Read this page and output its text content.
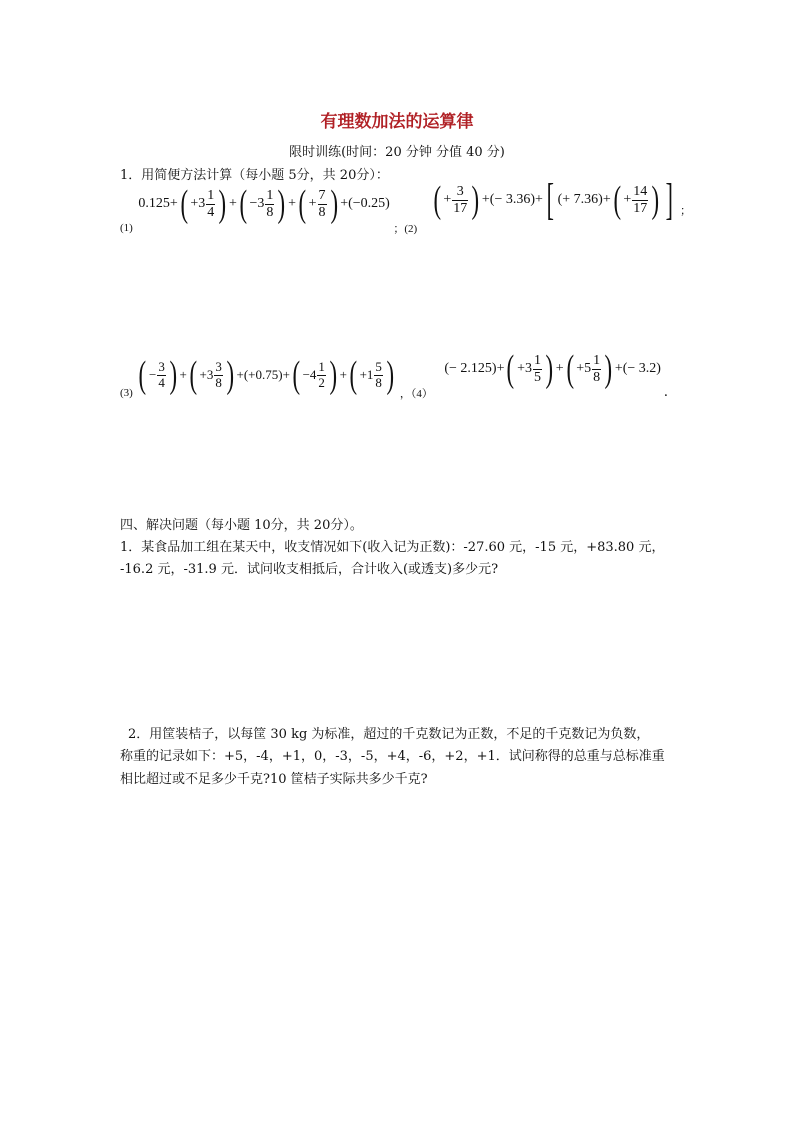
有理数加法的运算律
限时训练(时间：20 分钟 分值 40 分)
1．用简便方法计算（每小题 5分，共 20分）：
$_{(1)}$ $0.125+( +3 \frac{1}{4}$ ) +( $-3 \frac{1}{8}$ ) +( + $\frac{7}{8}$ ) +(−0.25) $_{;(2)}$ ( + $\frac{3}{17}$ ) +(− 3.36)+[ (+ $7.36)+( + \frac{14}{17}$ ) ] ；
$_{(3)}$ ( − $\frac{3}{4}$ ) +( $+3 \frac{3}{8}$ ) $+(+0.75)+( -4 \frac{1}{2}$ ) +( $+1 \frac{5}{8}$ ) $_{,(4)}$ (− $2.125)+( +3 \frac{1}{5}$ ) +( $+5 \frac{1}{8}$ ) +(− 3.2) $_.$
四、解决问题（每小题 10分，共 20分）。
1．某食品加工组在某天中，收支情况如下(收入记为正数)：-27.60 元，-15 元，+83.80 元，
-16.2 元，-31.9 元．试问收支相抵后，合计收入(或透支)多少元?
2．用筐装桔子，以每筐 30 kg 为标准，超过的千克数记为正数，不足的千克数记为负数，
称重的记录如下：+5，-4，+1，0，-3，-5，+4，-6，+2，+1．试问称得的总重与总标准重
相比超过或不足多少千克?10 筐桔子实际共多少千克?
